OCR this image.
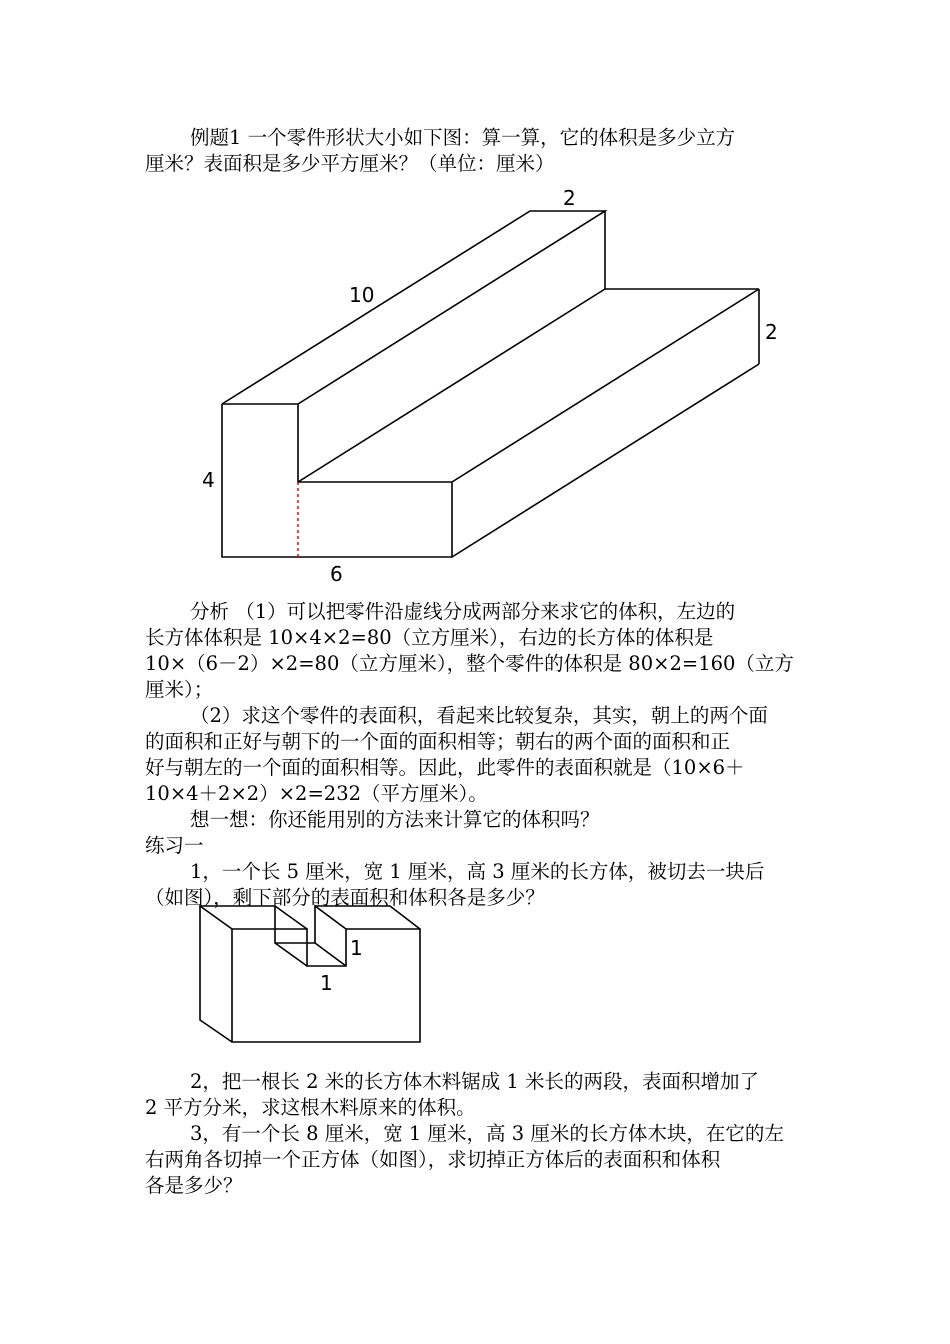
例题1 一个零件形状大小如下图：算一算，它的体积是多少立方
厘米？表面积是多少平方厘米？（单位：厘米）
2
10
2
4
6
分析 （1）可以把零件沿虚线分成两部分来求它的体积，左边的
长方体体积是 10×4×2=80（立方厘米），右边的长方体的体积是
10×（6－2）×2=80（立方厘米），整个零件的体积是 80×2=160（立方
厘米）；
（2）求这个零件的表面积，看起来比较复杂，其实，朝上的两个面
的面积和正好与朝下的一个面的面积相等；朝右的两个面的面积和正
好与朝左的一个面的面积相等。因此，此零件的表面积就是（10×6＋
10×4＋2×2）×2=232（平方厘米）。
想一想：你还能用别的方法来计算它的体积吗？
练习一
1，一个长 5 厘米，宽 1 厘米，高 3 厘米的长方体，被切去一块后
（如图），剩下部分的表面积和体积各是多少？
1
1
2，把一根长 2 米的长方体木料锯成 1 米长的两段，表面积增加了
2 平方分米，求这根木料原来的体积。
3，有一个长 8 厘米，宽 1 厘米，高 3 厘米的长方体木块，在它的左
右两角各切掉一个正方体（如图），求切掉正方体后的表面积和体积
各是多少？
